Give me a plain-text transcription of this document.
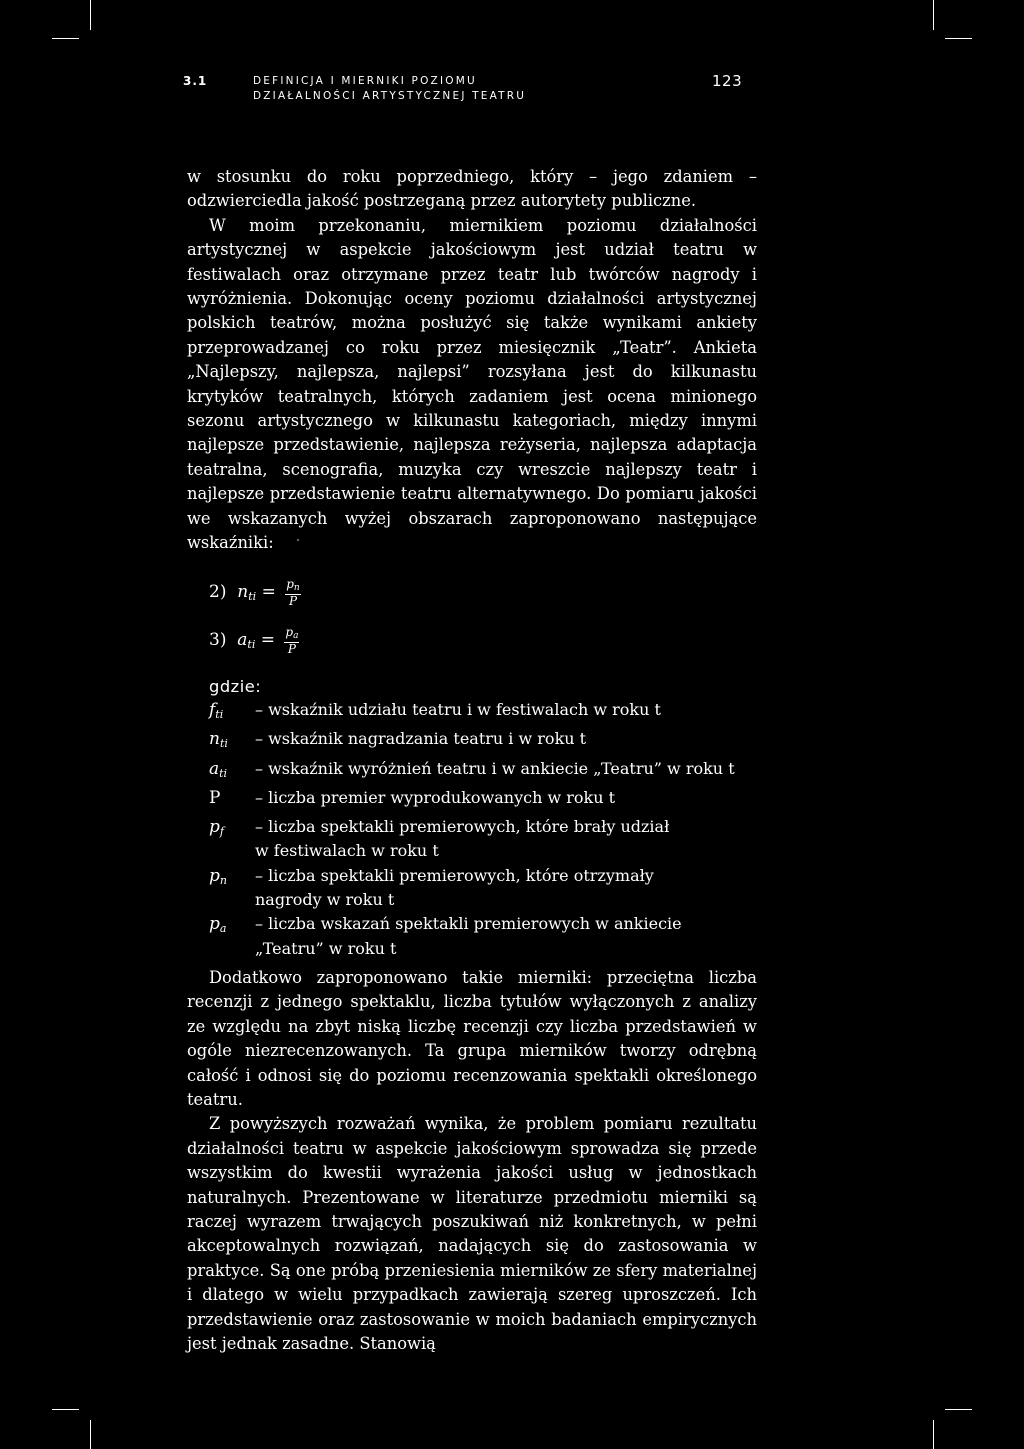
3.1	DEFINICJA I MIERNIKI POZIOMU
DZIAŁALNOŚCI ARTYSTYCZNEJ TEATRU
123

w stosunku do roku poprzedniego, który – jego zdaniem – odzwierciedla jakość postrzeganą przez autorytety publiczne.

W moim przekonaniu, miernikiem poziomu działalności artystycznej w aspekcie jakościowym jest udział teatru w festiwalach oraz otrzymane przez teatr lub twórców nagrody i wyróżnienia. Dokonując oceny poziomu działalności artystycznej polskich teatrów, można posłużyć się także wynikami ankiety przeprowadzanej co roku przez miesięcznik „Teatr”. Ankieta „Najlepszy, najlepsza, najlepsi” rozsyłana jest do kilkunastu krytyków teatralnych, których zadaniem jest ocena minionego sezonu artystycznego w kilkunastu kategoriach, między innymi najlepsze przedstawienie, najlepsza reżyseria, najlepsza adaptacja teatralna, scenografia, muzyka czy wreszcie najlepszy teatr i najlepsze przedstawienie teatru alternatywnego. Do pomiaru jakości we wskazanych wyżej obszarach zaproponowano następujące wskaźniki:

2) $n_{ti} = \frac{pn}{P}$
3) $a_{ti} = \frac{pa}{P}$
gdzie:
$f_{ti}$	– wskaźnik udziału teatru i w festiwalach w roku t
$n_{ti}$	– wskaźnik nagradzania teatru i w roku t
$a_{ti}$	– wskaźnik wyróżnień teatru i w ankiecie „Teatru” w roku t
P	– liczba premier wyprodukowanych w roku t
$p_f$	– liczba spektakli premierowych, które brały udział w festiwalach w roku t
$p_n$	– liczba spektakli premierowych, które otrzymały nagrody w roku t
$p_a$	– liczba wskazań spektakli premierowych w ankiecie „Teatru” w roku t

Dodatkowo zaproponowano takie mierniki: przeciętna liczba recenzji z jednego spektaklu, liczba tytułów wyłączonych z analizy ze względu na zbyt niską liczbę recenzji czy liczba przedstawień w ogóle niezrecenzowanych. Ta grupa mierników tworzy odrębną całość i odnosi się do poziomu recenzowania spektakli określonego teatru.

Z powyższych rozważań wynika, że problem pomiaru rezultatu działalności teatru w aspekcie jakościowym sprowadza się przede wszystkim do kwestii wyrażenia jakości usług w jednostkach naturalnych. Prezentowane w literaturze przedmiotu mierniki są raczej wyrazem trwających poszukiwań niż konkretnych, w pełni akceptowalnych rozwiązań, nadających się do zastosowania w praktyce. Są one próbą przeniesienia mierników ze sfery materialnej i dlatego w wielu przypadkach zawierają szereg uproszczeń. Ich przedstawienie oraz zastosowanie w moich badaniach empirycznych jest jednak zasadne. Stanowią
